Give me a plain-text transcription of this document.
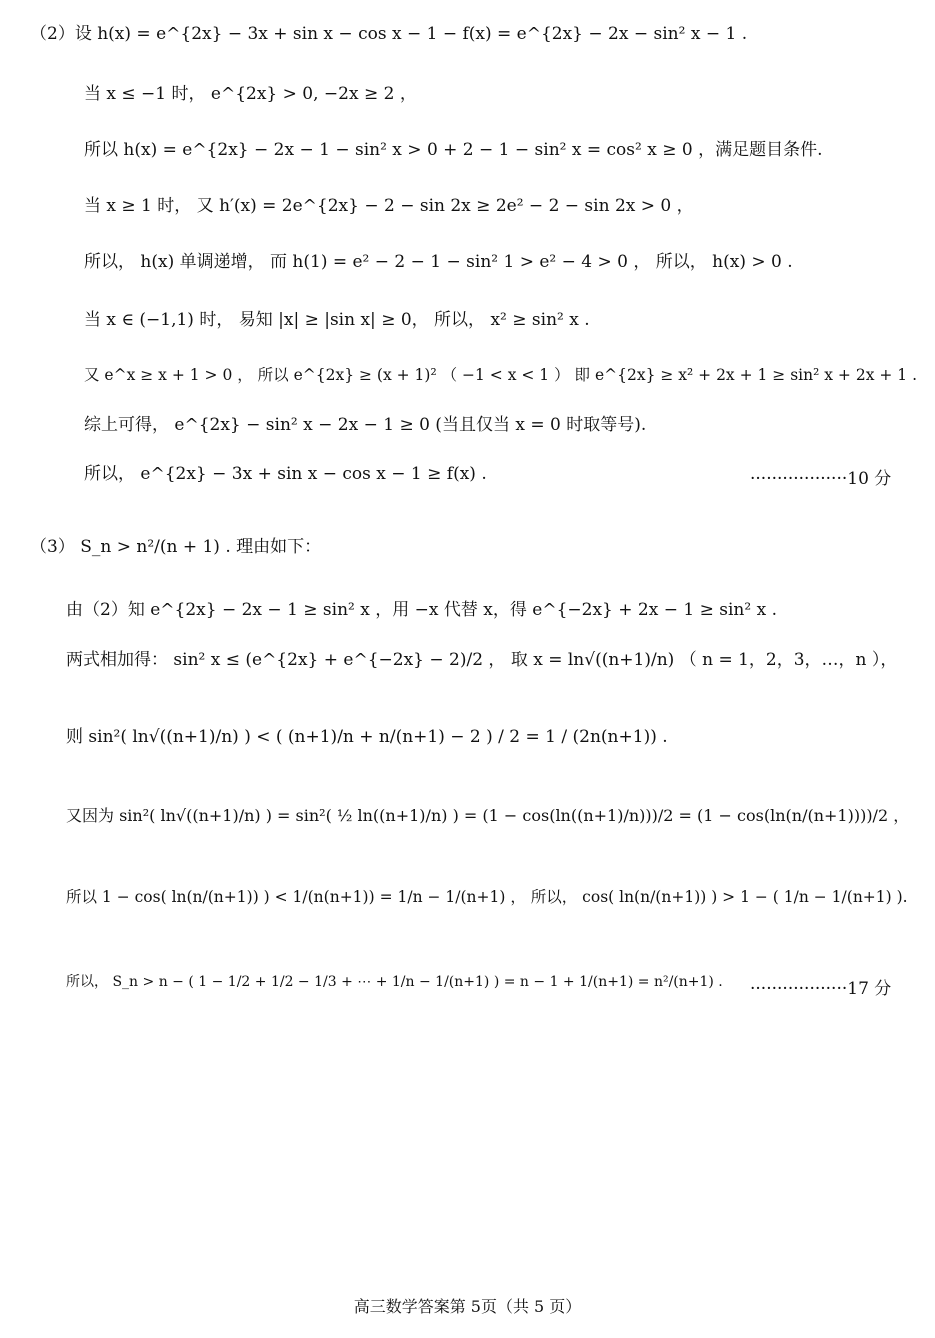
（2）设 h(x) = e^{2x} − 3x + sin x − cos x − 1 − f(x) = e^{2x} − 2x − sin² x − 1 .
当 x ≤ −1 时， e^{2x} > 0, −2x ≥ 2 ，
所以 h(x) = e^{2x} − 2x − 1 − sin² x > 0 + 2 − 1 − sin² x = cos² x ≥ 0 ，满足题目条件.
当 x ≥ 1 时， 又 h′(x) = 2e^{2x} − 2 − sin 2x ≥ 2e² − 2 − sin 2x > 0 ，
所以， h(x) 单调递增， 而 h(1) = e² − 2 − 1 − sin² 1 > e² − 4 > 0 ， 所以， h(x) > 0 .
当 x ∈ (−1,1) 时， 易知 |x| ≥ |sin x| ≥ 0， 所以， x² ≥ sin² x .
又 e^x ≥ x + 1 > 0 ， 所以 e^{2x} ≥ (x + 1)² （ −1 < x < 1 ） 即 e^{2x} ≥ x² + 2x + 1 ≥ sin² x + 2x + 1 .
综上可得， e^{2x} − sin² x − 2x − 1 ≥ 0 (当且仅当 x = 0 时取等号).
所以， e^{2x} − 3x + sin x − cos x − 1 ≥ f(x) .	··················10 分
（3） S_n > n²/(n + 1) . 理由如下：
由（2）知 e^{2x} − 2x − 1 ≥ sin² x ，用 −x 代替 x，得 e^{−2x} + 2x − 1 ≥ sin² x .
两式相加得： sin² x ≤ (e^{2x} + e^{−2x} − 2)/2 ， 取 x = ln√((n+1)/n) （ n = 1，2，3，…，n ），
则 sin²( ln√((n+1)/n) ) < ( (n+1)/n + n/(n+1) − 2 ) / 2 = 1 / (2n(n+1)) .
又因为 sin²( ln√((n+1)/n) ) = sin²( ½ ln((n+1)/n) ) = (1 − cos(ln((n+1)/n)))/2 = (1 − cos(ln(n/(n+1))))/2 ，
所以 1 − cos( ln(n/(n+1)) ) < 1/(n(n+1)) = 1/n − 1/(n+1) ， 所以， cos( ln(n/(n+1)) ) > 1 − ( 1/n − 1/(n+1) ).
所以， S_n > n − ( 1 − 1/2 + 1/2 − 1/3 + ⋯ + 1/n − 1/(n+1) ) = n − 1 + 1/(n+1) = n²/(n+1) . ··················17 分
高三数学答案第 5页（共 5 页）
